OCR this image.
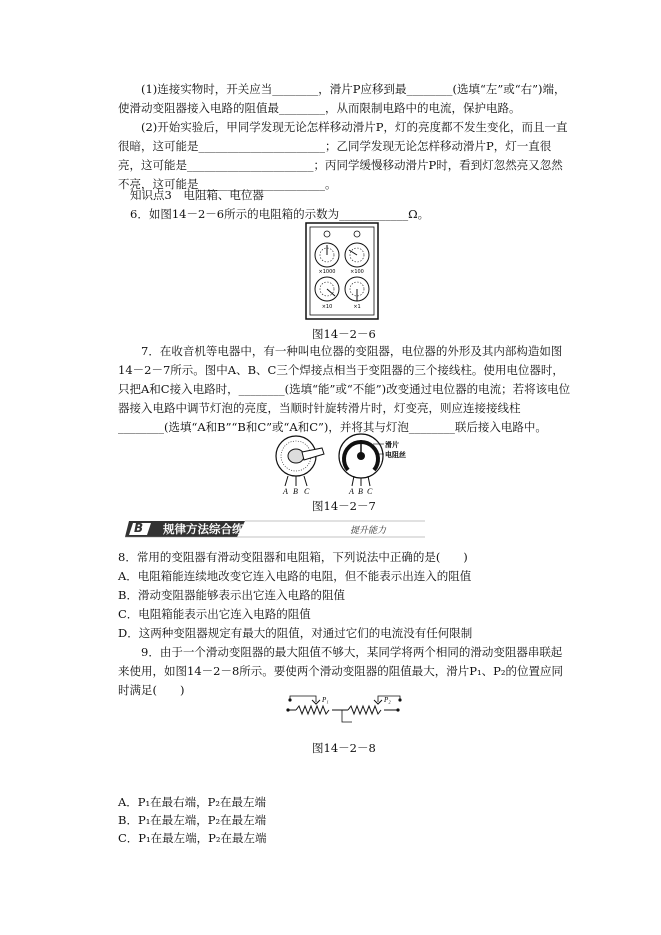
(1)连接实物时，开关应当________，滑片P应移到最________(选填“左”或“右”)端，使滑动变阻器接入电路的阻值最________，从而限制电路中的电流，保护电路。

(2)开始实验后，甲同学发现无论怎样移动滑片P，灯的亮度都不发生变化，而且一直很暗，这可能是______________________；乙同学发现无论怎样移动滑片P，灯一直很亮，这可能是______________________；丙同学缓慢移动滑片P时，看到灯忽然亮又忽然不亮，这可能是______________________。

知识点3　电阻箱、电位器
6．如图14－2－6所示的电阻箱的示数为____________Ω。
×1000	×100
×10	×1
图14－2－6

7．在收音机等电器中，有一种叫电位器的变阻器，电位器的外形及其内部构造如图14－2－7所示。图中A、B、C三个焊接点相当于变阻器的三个接线柱。使用电位器时，只把A和C接入电路时，________(选填“能”或“不能”)改变通过电位器的电流；若将该电位器接入电路中调节灯泡的亮度，当顺时针旋转滑片时，灯变亮，则应连接接线柱________(选填“A和B”“B和C”或“A和C”)，并将其与灯泡________联后接入电路中。

A B C
滑片
电阻丝
A B C
图14－2－7
B 规律方法综合练	提升能力
8．常用的变阻器有滑动变阻器和电阻箱，下列说法中正确的是(　　)
A．电阻箱能连续地改变它连入电路的电阻，但不能表示出连入的阻值
B．滑动变阻器能够表示出它连入电路的阻值
C．电阻箱能表示出它连入电路的阻值
D．这两种变阻器规定有最大的阻值，对通过它们的电流没有任何限制

9．由于一个滑动变阻器的最大阻值不够大，某同学将两个相同的滑动变阻器串联起来使用，如图14－2－8所示。要使两个滑动变阻器的阻值最大，滑片P₁、P₂的位置应同时满足(　　)

P₁	P₂
图14－2－8
A．P₁在最右端，P₂在最左端
B．P₁在最左端，P₂在最左端
C．P₁在最左端，P₂在最左端
